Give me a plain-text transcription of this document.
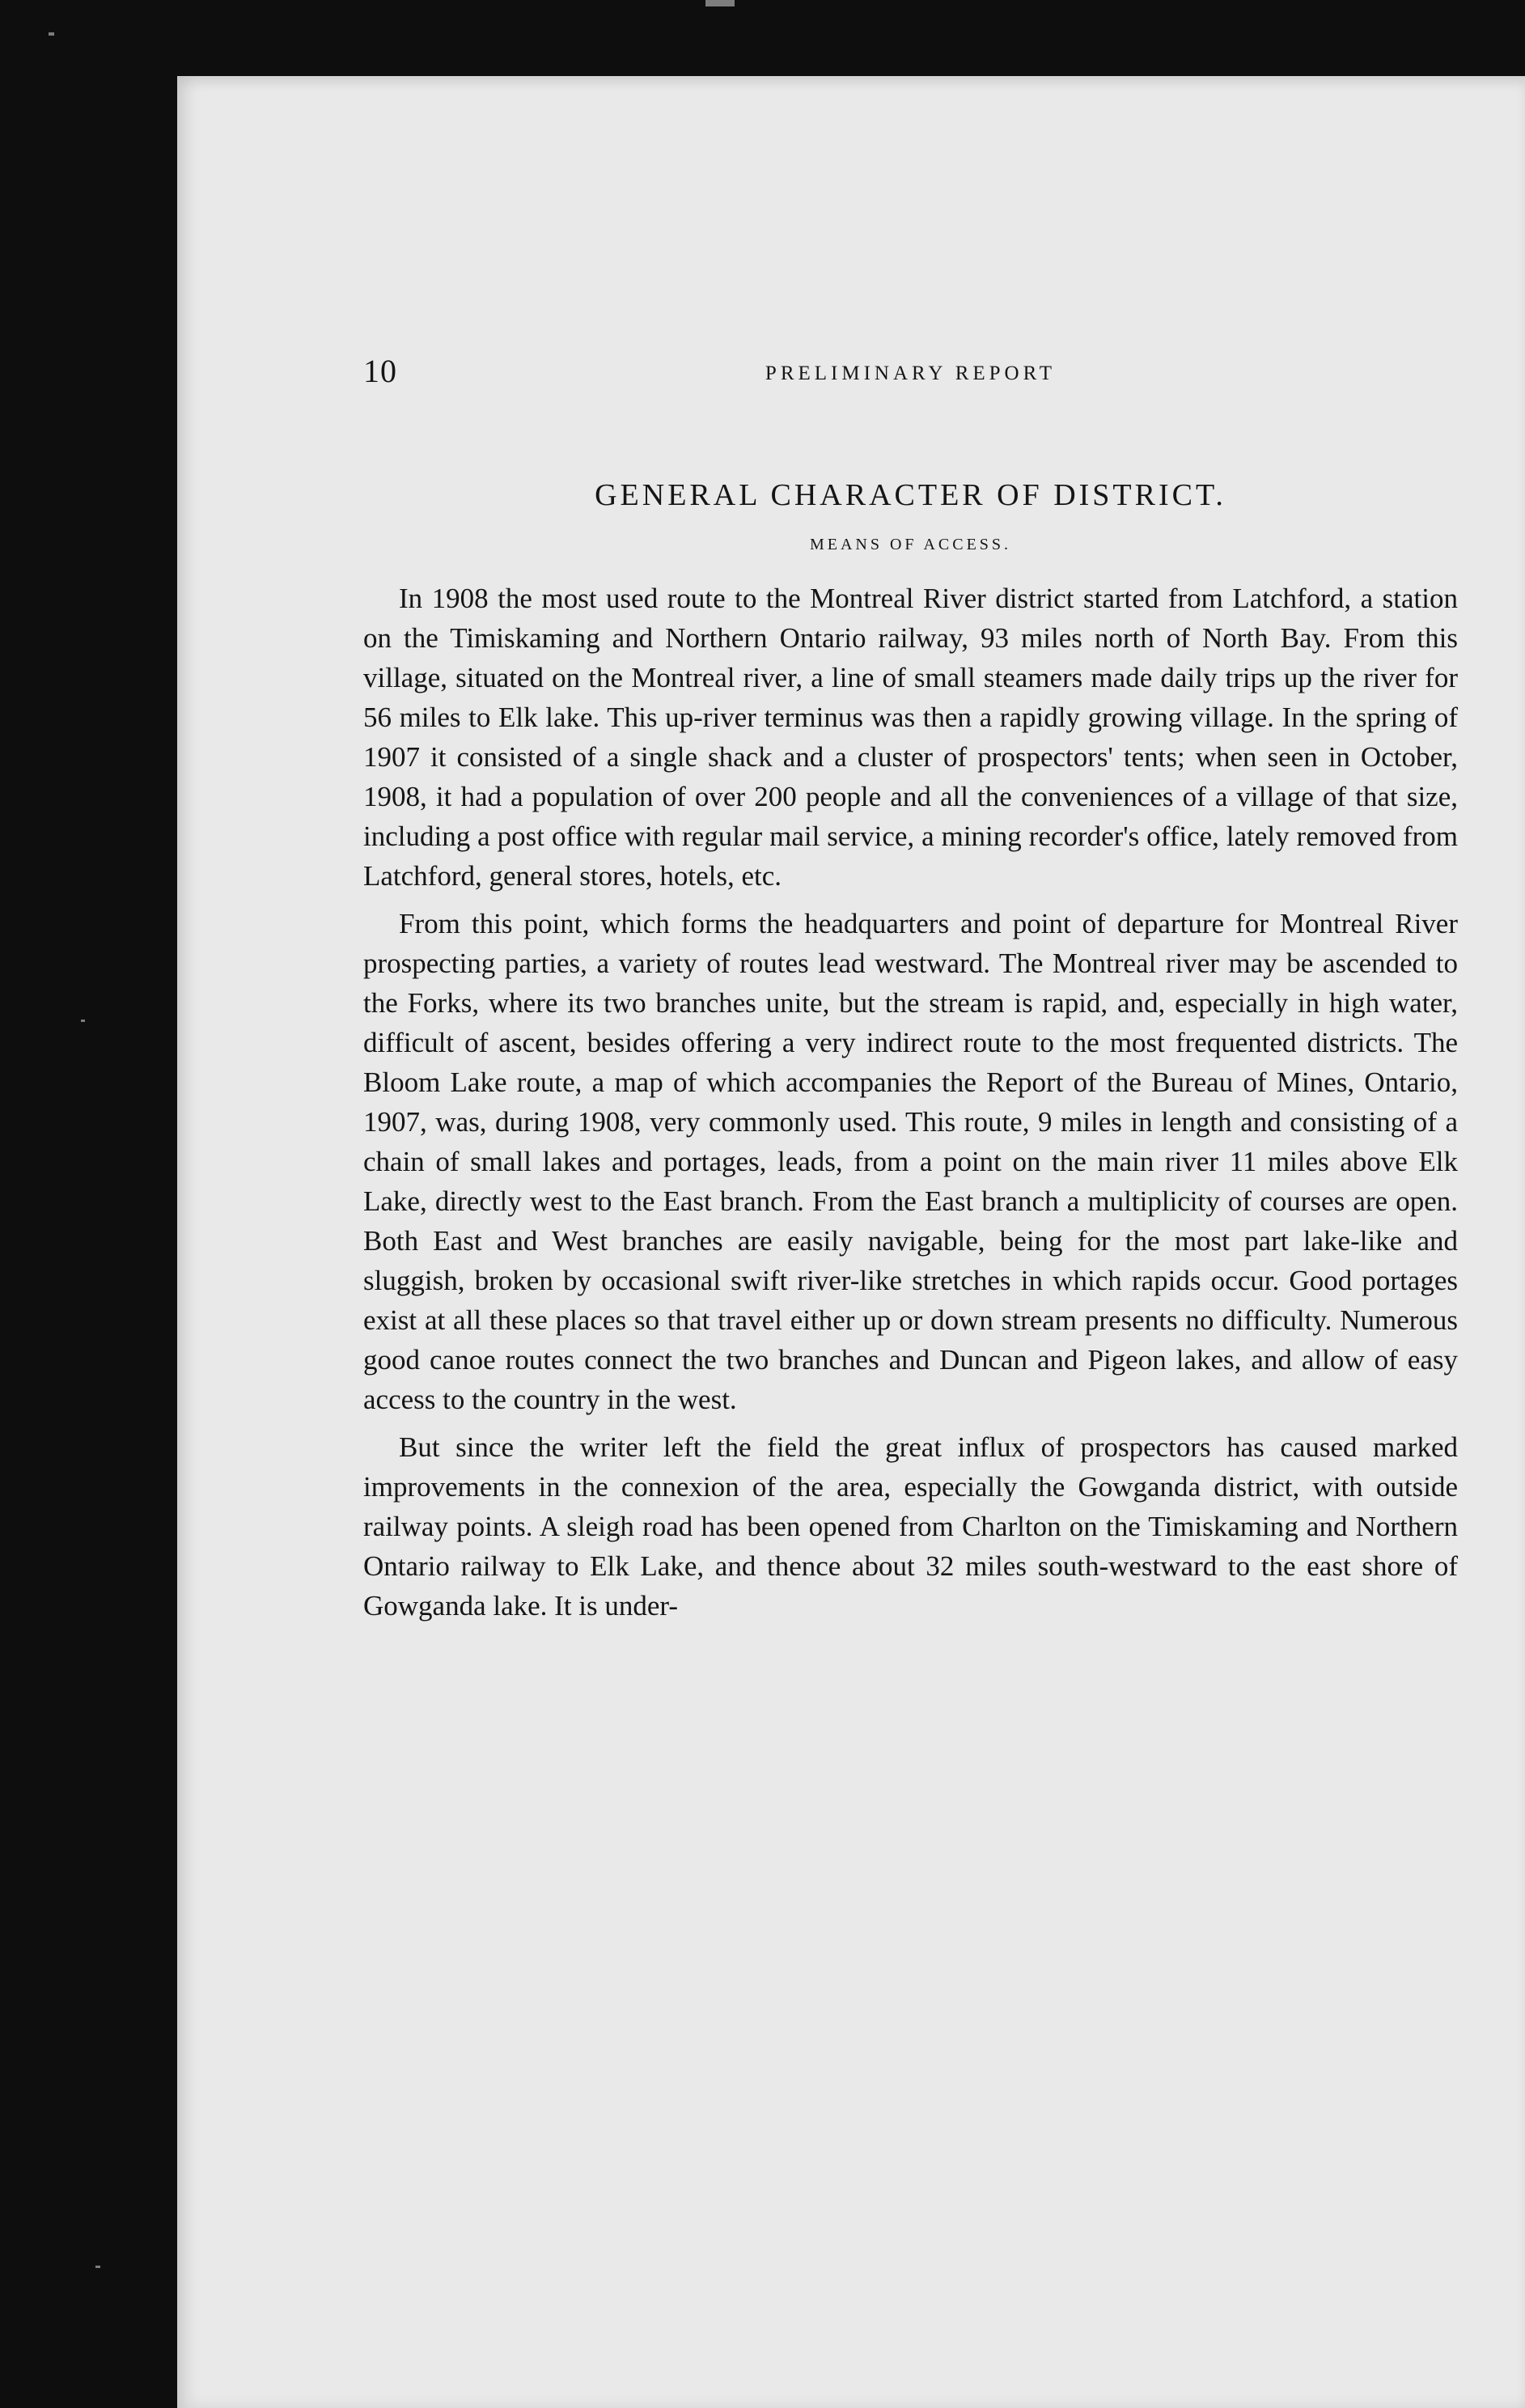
10	PRELIMINARY REPORT
GENERAL CHARACTER OF DISTRICT.
MEANS OF ACCESS.

In 1908 the most used route to the Montreal River district started from Latchford, a station on the Timiskaming and Northern Ontario railway, 93 miles north of North Bay. From this village, situated on the Montreal river, a line of small steamers made daily trips up the river for 56 miles to Elk lake. This up-river terminus was then a rapidly growing village. In the spring of 1907 it consisted of a single shack and a cluster of prospectors' tents; when seen in October, 1908, it had a population of over 200 people and all the conveniences of a village of that size, including a post office with regular mail service, a mining recorder's office, lately removed from Latchford, general stores, hotels, etc.

From this point, which forms the headquarters and point of departure for Montreal River prospecting parties, a variety of routes lead westward. The Montreal river may be ascended to the Forks, where its two branches unite, but the stream is rapid, and, especially in high water, difficult of ascent, besides offering a very indirect route to the most frequented districts. The Bloom Lake route, a map of which accompanies the Report of the Bureau of Mines, Ontario, 1907, was, during 1908, very commonly used. This route, 9 miles in length and consisting of a chain of small lakes and portages, leads, from a point on the main river 11 miles above Elk Lake, directly west to the East branch. From the East branch a multiplicity of courses are open. Both East and West branches are easily navigable, being for the most part lake-like and sluggish, broken by occasional swift river-like stretches in which rapids occur. Good portages exist at all these places so that travel either up or down stream presents no difficulty. Numerous good canoe routes connect the two branches and Duncan and Pigeon lakes, and allow of easy access to the country in the west.

But since the writer left the field the great influx of prospectors has caused marked improvements in the connexion of the area, especially the Gowganda district, with outside railway points. A sleigh road has been opened from Charlton on the Timiskaming and Northern Ontario railway to Elk Lake, and thence about 32 miles south-westward to the east shore of Gowganda lake. It is under-
